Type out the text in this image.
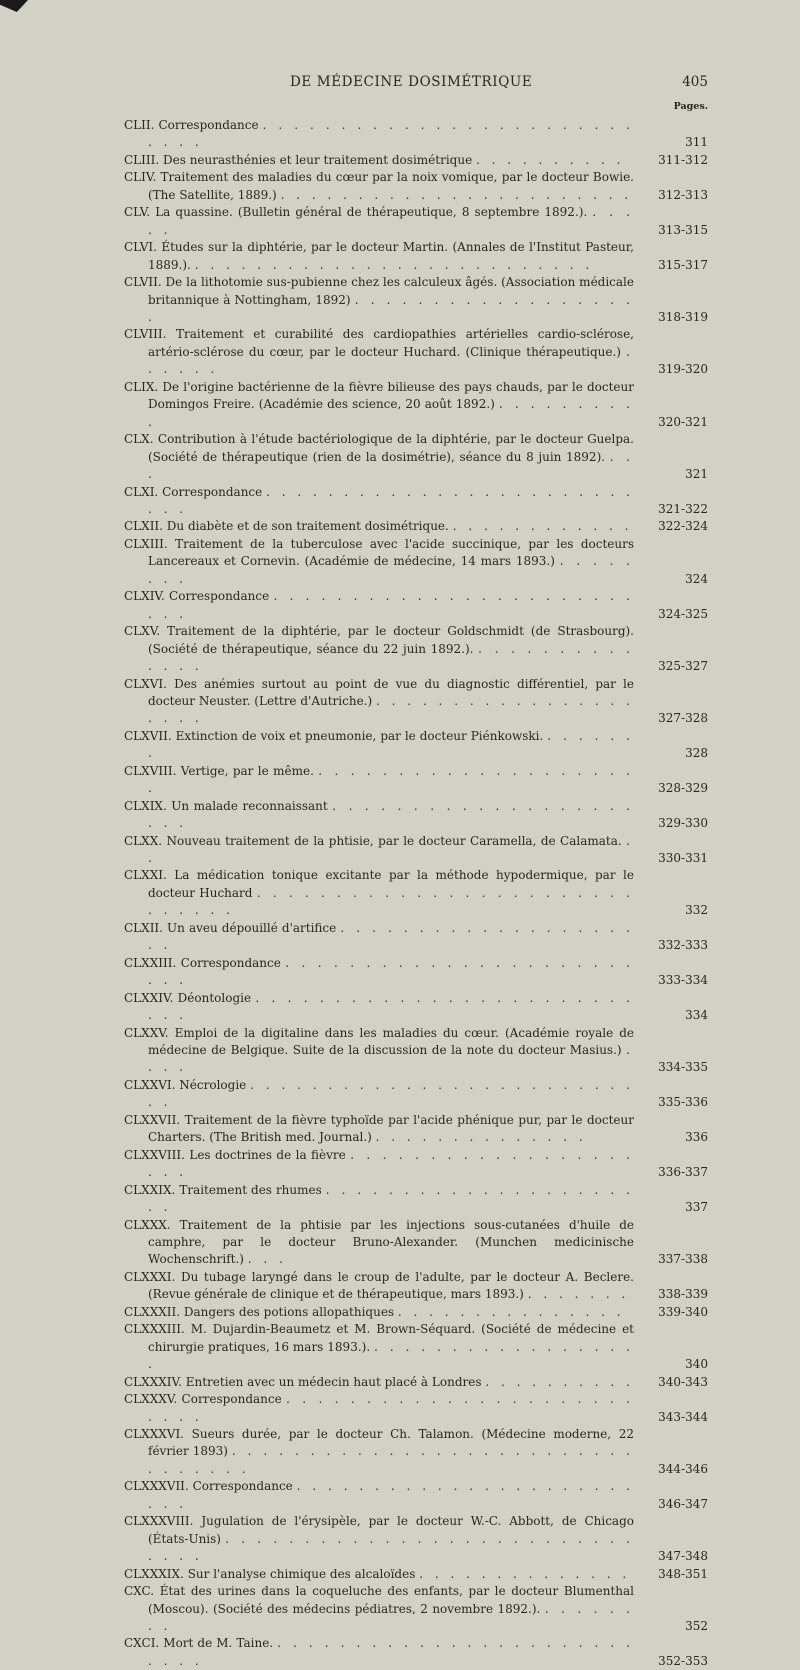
DE MÉDECINE DOSIMÉTRIQUE	405
Pages.
CLII. Correspondance . . . . . . . . . . . . . . . . . . . . . . . . . . . .	311
CLIII. Des neurasthénies et leur traitement dosimétrique . . . . . . . . . .	311-312
CLIV. Traitement des maladies du cœur par la noix vomique, par le docteur Bowie. (The Satellite, 1889.) . . . . . . . . . . . . . . . . . . . . . . .	312-313
CLV. La quassine. (Bulletin général de thérapeutique, 8 septembre 1892.). . . . . .	313-315
CLVI. Études sur la diphtérie, par le docteur Martin. (Annales de l'Institut Pasteur, 1889.). . . . . . . . . . . . . . . . . . . . . . . . . . .	315-317
CLVII. De la lithotomie sus-pubienne chez les calculeux âgés. (Association médicale britannique à Nottingham, 1892) . . . . . . . . . . . . . . . . . . .	318-319
CLVIII. Traitement et curabilité des cardiopathies artérielles cardio-sclérose, artério-sclérose du cœur, par le docteur Huchard. (Clinique thérapeutique.) . . . . . .	319-320
CLIX. De l'origine bactérienne de la fièvre bilieuse des pays chauds, par le docteur Domingos Freire. (Académie des science, 20 août 1892.) . . . . . . . . . .	320-321
CLX. Contribution à l'étude bactériologique de la diphtérie, par le docteur Guelpa. (Société de thérapeutique (rien de la dosimétrie), séance du 8 juin 1892). . . .	321
CLXI. Correspondance . . . . . . . . . . . . . . . . . . . . . . . . . . .	321-322
CLXII. Du diabète et de son traitement dosimétrique. . . . . . . . . . . . .	322-324
CLXIII. Traitement de la tuberculose avec l'acide succinique, par les docteurs Lancereaux et Cornevin. (Académie de médecine, 14 mars 1893.) . . . . . . . .	324
CLXIV. Correspondance . . . . . . . . . . . . . . . . . . . . . . . . . .	324-325
CLXV. Traitement de la diphtérie, par le docteur Goldschmidt (de Strasbourg). (Société de thérapeutique, séance du 22 juin 1892.). . . . . . . . . . . . . . .	325-327
CLXVI. Des anémies surtout au point de vue du diagnostic différentiel, par le docteur Neuster. (Lettre d'Autriche.) . . . . . . . . . . . . . . . . . . . . .	327-328
CLXVII. Extinction de voix et pneumonie, par le docteur Piénkowski. . . . . . . .	328
CLXVIII. Vertige, par le même. . . . . . . . . . . . . . . . . . . . . .	328-329
CLXIX. Un malade reconnaissant . . . . . . . . . . . . . . . . . . . . . .	329-330
CLXX. Nouveau traitement de la phtisie, par le docteur Caramella, de Calamata. . .	330-331
CLXXI. La médication tonique excitante par la méthode hypodermique, par le docteur Huchard . . . . . . . . . . . . . . . . . . . . . . . . . . . . . .	332
CLXII. Un aveu dépouillé d'artifice . . . . . . . . . . . . . . . . . . . . .	332-333
CLXXIII. Correspondance . . . . . . . . . . . . . . . . . . . . . . . . .	333-334
CLXXIV. Déontologie . . . . . . . . . . . . . . . . . . . . . . . . . . .	334
CLXXV. Emploi de la digitaline dans les maladies du cœur. (Académie royale de médecine de Belgique. Suite de la discussion de la note du docteur Masius.) . . . .	334-335
CLXXVI. Nécrologie . . . . . . . . . . . . . . . . . . . . . . . . . . .	335-336
CLXXVII. Traitement de la fièvre typhoïde par l'acide phénique pur, par le docteur Charters. (The British med. Journal.) . . . . . . . . . . . . . .	336
CLXXVIII. Les doctrines de la fièvre . . . . . . . . . . . . . . . . . . . . .	336-337
CLXXIX. Traitement des rhumes . . . . . . . . . . . . . . . . . . . . . .	337
CLXXX. Traitement de la phtisie par les injections sous-cutanées d'huile de camphre, par le docteur Bruno-Alexander. (Munchen medicinische Wochenschrift.) . . .	337-338
CLXXXI. Du tubage laryngé dans le croup de l'adulte, par le docteur A. Beclere. (Revue générale de clinique et de thérapeutique, mars 1893.) . . . . . . .	338-339
CLXXXII. Dangers des potions allopathiques . . . . . . . . . . . . . . .	339-340
CLXXXIII. M. Dujardin-Beaumetz et M. Brown-Séquard. (Société de médecine et chirurgie pratiques, 16 mars 1893.). . . . . . . . . . . . . . . . . . .	340
CLXXXIV. Entretien avec un médecin haut placé à Londres . . . . . . . . . .	340-343
CLXXXV. Correspondance . . . . . . . . . . . . . . . . . . . . . . . . . .	343-344
CLXXXVI. Sueurs durée, par le docteur Ch. Talamon. (Médecine moderne, 22 février 1893) . . . . . . . . . . . . . . . . . . . . . . . . . . . . . . . . .	344-346
CLXXXVII. Correspondance . . . . . . . . . . . . . . . . . . . . . . . . .	346-347
CLXXXVIII. Jugulation de l'érysipèle, par le docteur W.-C. Abbott, de Chicago (États-Unis) . . . . . . . . . . . . . . . . . . . . . . . . . . . . . .	347-348
CLXXXIX. Sur l'analyse chimique des alcaloïdes . . . . . . . . . . . . . .	348-351
CXC. État des urines dans la coqueluche des enfants, par le docteur Blumenthal (Moscou). (Société des médecins pédiatres, 2 novembre 1892.). . . . . . . . .	352
CXCI. Mort de M. Taine. . . . . . . . . . . . . . . . . . . . . . . . . . . .	352-353
